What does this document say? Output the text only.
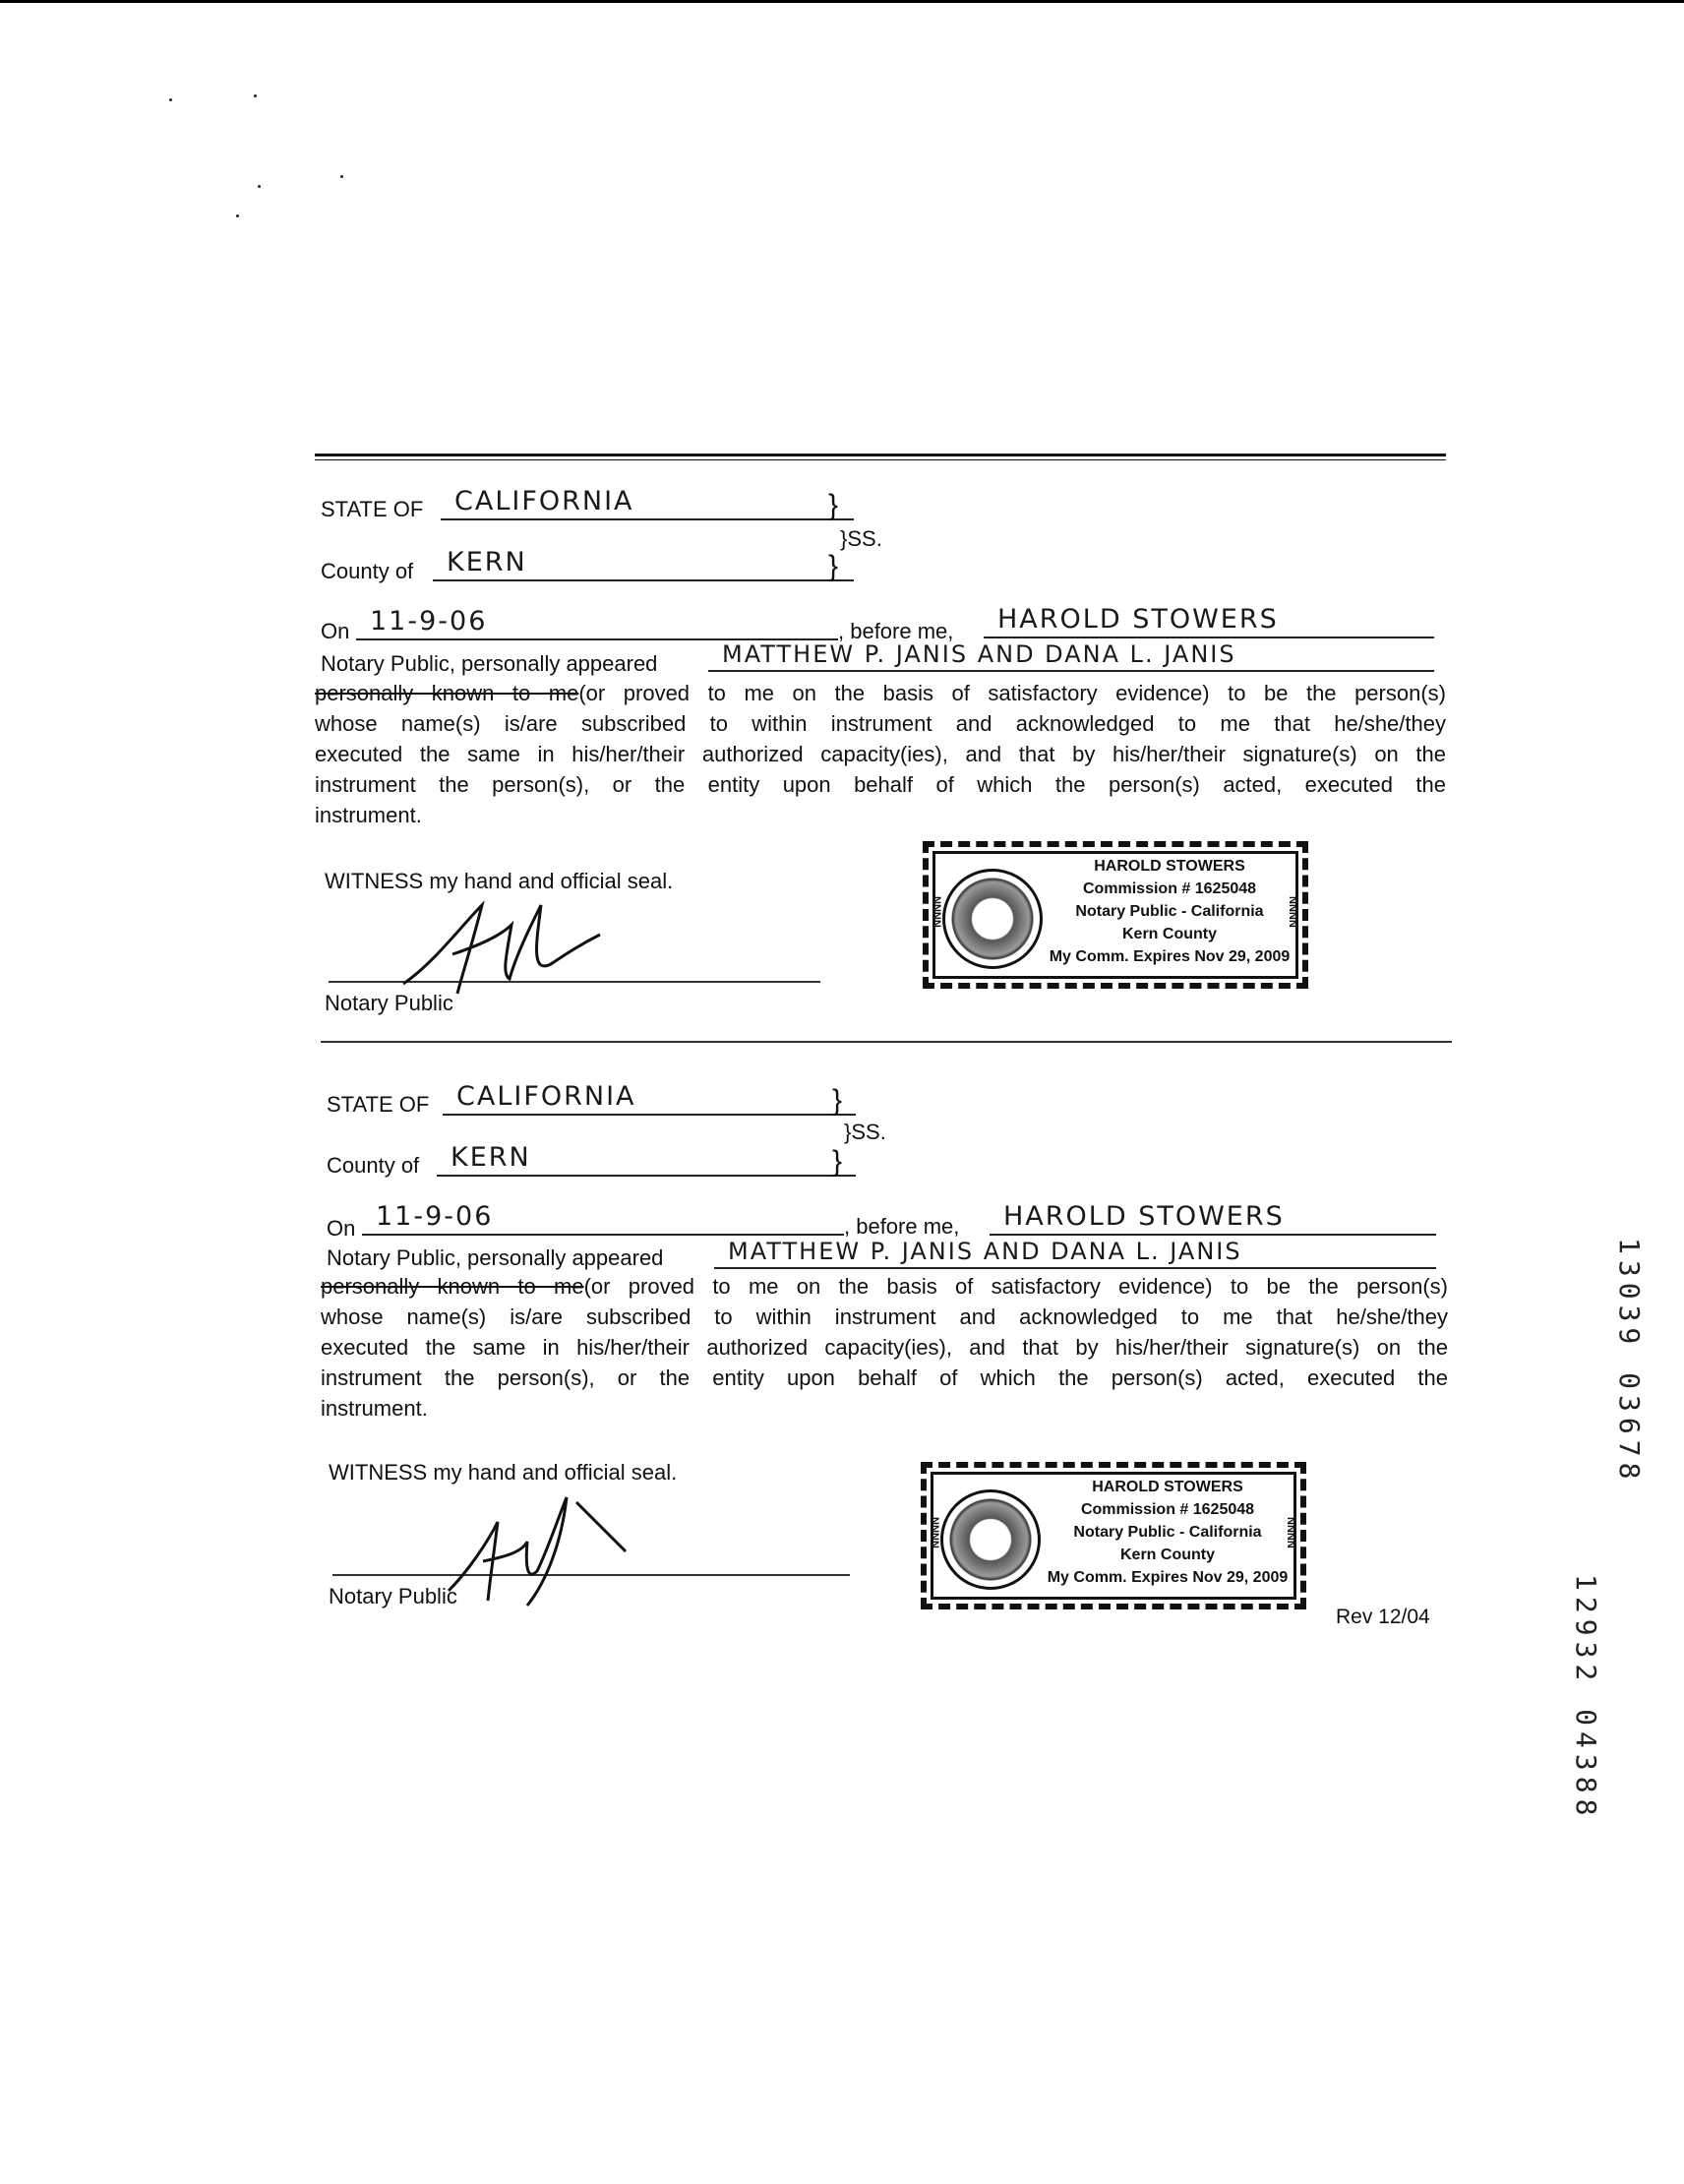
STATE OF CALIFORNIA	}
}SS.
County of KERN	}
On 11-9-06	, before me, HAROLD STOWERS
Notary Public, personally appeared	MATTHEW P. JANIS AND DANA L. JANIS
personally known to me(or proved to me on the basis of satisfactory evidence) to be the person(s)
whose name(s) is/are subscribed to within instrument and acknowledged to me that he/she/they
executed the same in his/her/their authorized capacity(ies), and that by his/her/their signature(s) on the
instrument the person(s), or the entity upon behalf of which the person(s) acted, executed the
instrument.
WITNESS my hand and official seal.
Notary Public
NNNN	NNNN
HAROLD STOWERS
Commission # 1625048
Notary Public - California
Kern County
My Comm. Expires Nov 29, 2009
STATE OF CALIFORNIA	}
}SS.
County of KERN	}
On 11-9-06	, before me, HAROLD STOWERS
Notary Public, personally appeared	MATTHEW P. JANIS AND DANA L. JANIS
personally known to me(or proved to me on the basis of satisfactory evidence) to be the person(s)
whose name(s) is/are subscribed to within instrument and acknowledged to me that he/she/they
executed the same in his/her/their authorized capacity(ies), and that by his/her/their signature(s) on the
instrument the person(s), or the entity upon behalf of which the person(s) acted, executed the
instrument.
WITNESS my hand and official seal.
Notary Public
NNNN	NNNN
HAROLD STOWERS
Commission # 1625048
Notary Public - California
Kern County
My Comm. Expires Nov 29, 2009
Rev 12/04
13039 03678
12932 04388
